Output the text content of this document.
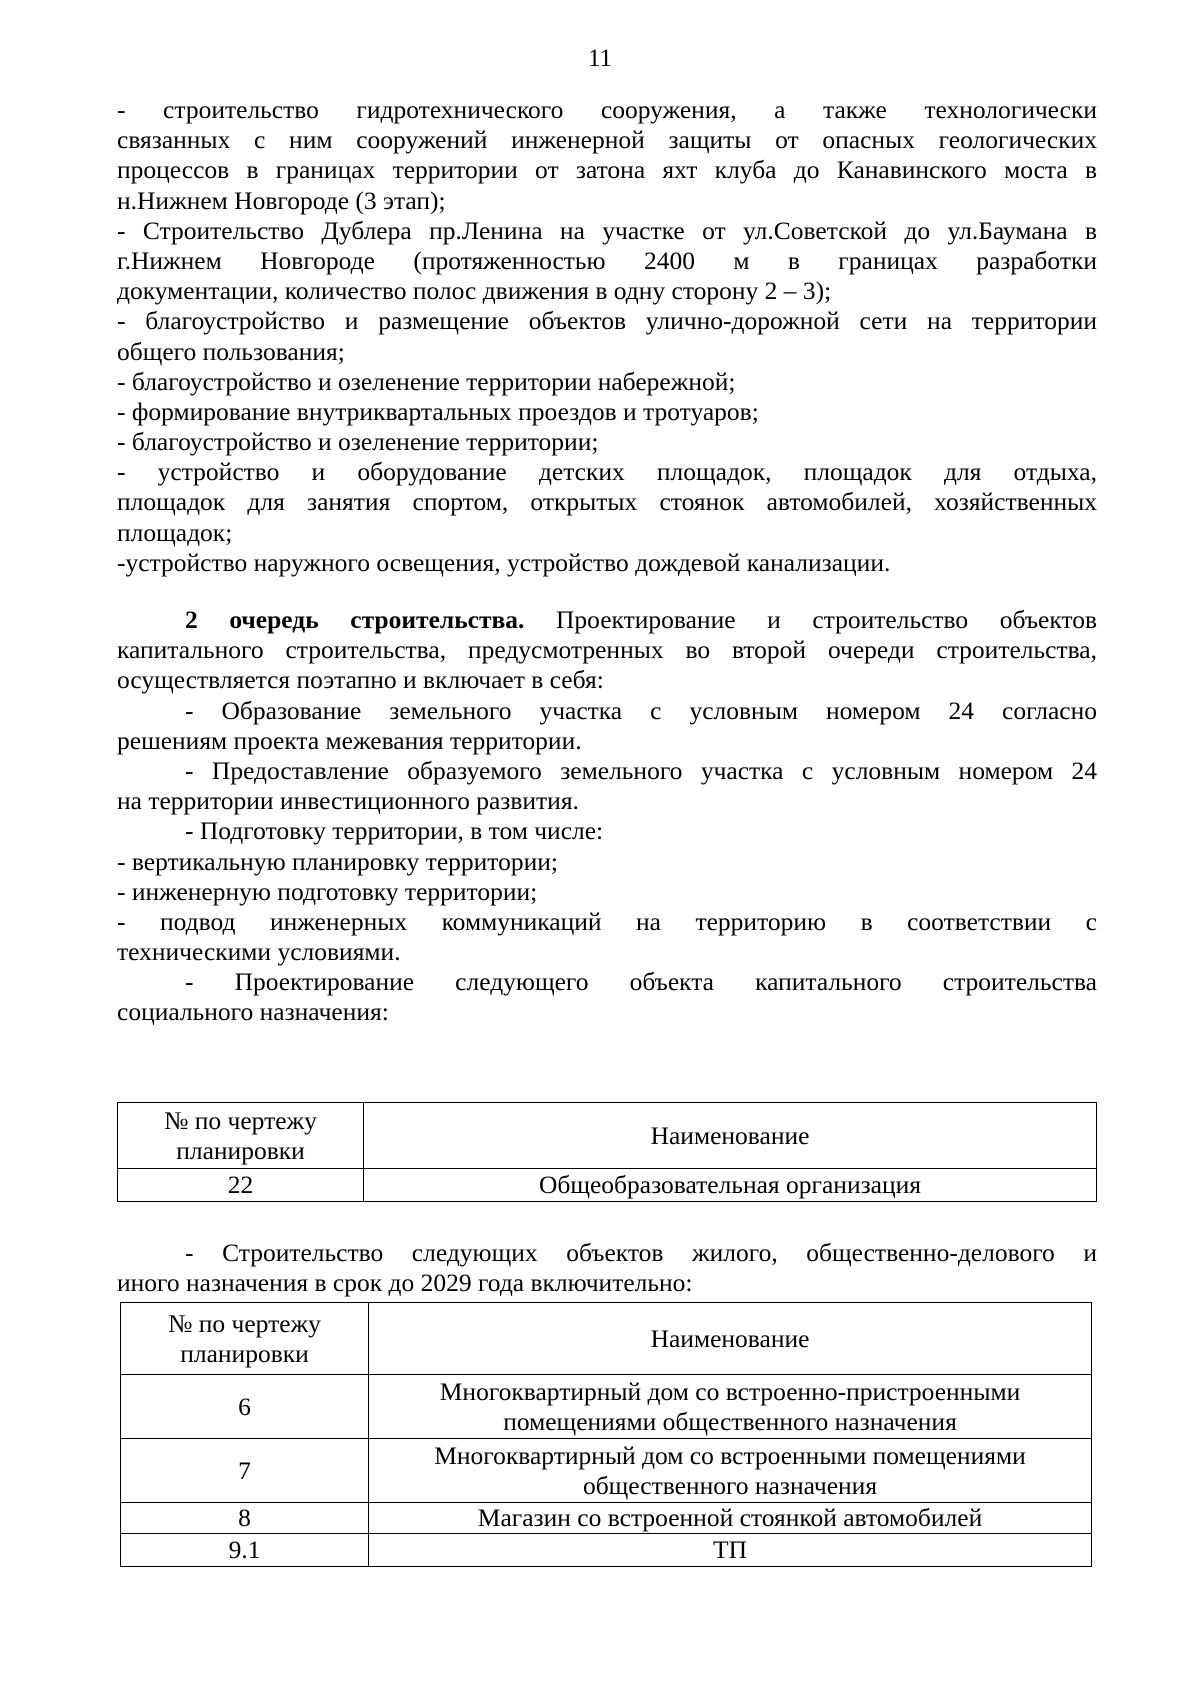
11
- строительство гидротехнического сооружения, а также технологически
связанных с ним сооружений инженерной защиты от опасных геологических
процессов в границах территории от затона яхт клуба до Канавинского моста в
н.Нижнем Новгороде (3 этап);
- Строительство Дублера пр.Ленина на участке от ул.Советской до ул.Баумана в
г.Нижнем Новгороде (протяженностью 2400 м в границах разработки
документации, количество полос движения в одну сторону 2 – 3);
- благоустройство и размещение объектов улично-дорожной сети на территории
общего пользования;
- благоустройство и озеленение территории набережной;
- формирование внутриквартальных проездов и тротуаров;
- благоустройство и озеленение территории;
- устройство и оборудование детских площадок, площадок для отдыха,
площадок для занятия спортом, открытых стоянок автомобилей, хозяйственных
площадок;
-устройство наружного освещения, устройство дождевой канализации.
2 очередь строительства. Проектирование и строительство объектов
капитального строительства, предусмотренных во второй очереди строительства,
осуществляется поэтапно и включает в себя:
- Образование земельного участка с условным номером 24 согласно
решениям проекта межевания территории.
- Предоставление образуемого земельного участка с условным номером 24
на территории инвестиционного развития.
- Подготовку территории, в том числе:
- вертикальную планировку территории;
- инженерную подготовку территории;
- подвод инженерных коммуникаций на территорию в соответствии с
техническими условиями.
- Проектирование следующего объекта капитального строительства
социального назначения:
№ по чертежу
планировки	Наименование
22	Общеобразовательная организация
- Строительство следующих объектов жилого, общественно-делового и
иного назначения в срок до 2029 года включительно:
№ по чертежу
планировки	Наименование
6	Многоквартирный дом со встроенно-пристроенными
помещениями общественного назначения

7	Многоквартирный дом со встроенными помещениями
общественного назначения

8	Магазин со встроенной стоянкой автомобилей

9.1	ТП
